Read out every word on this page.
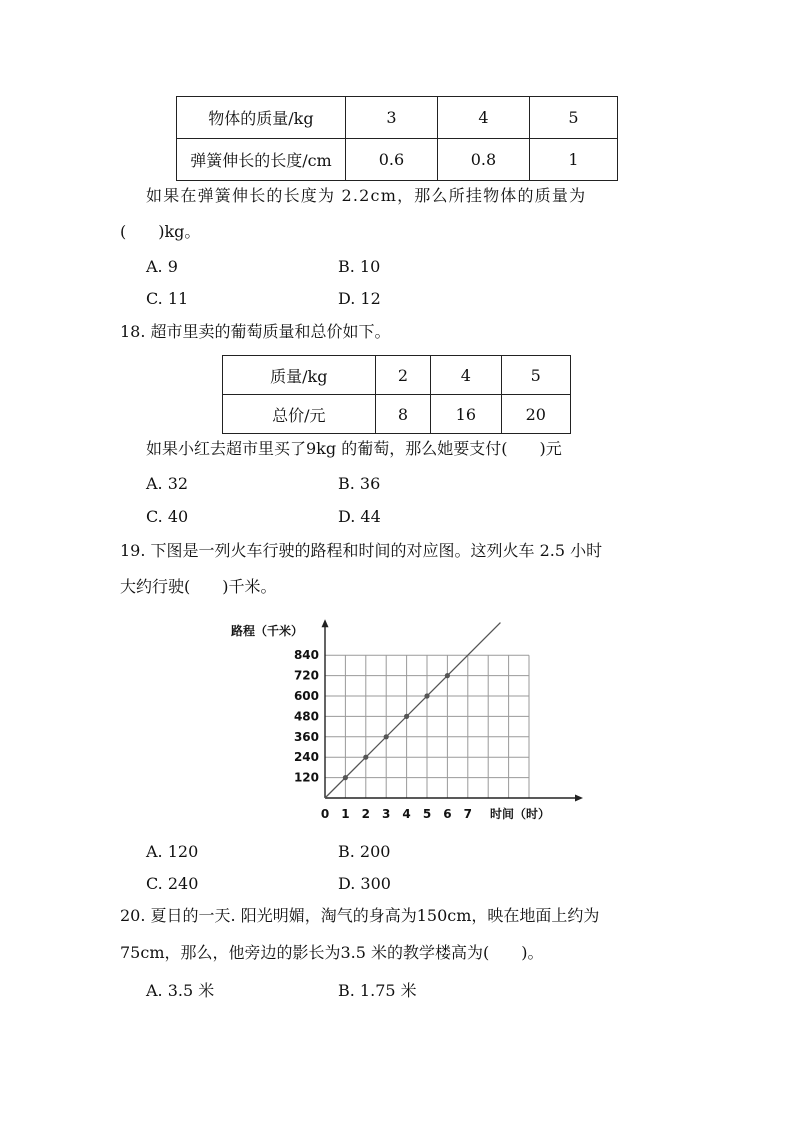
物体的质量/kg	3	4	5
弹簧伸长的长度/cm	0.6	0.8	1
如果在弹簧伸长的长度为 2.2cm，那么所挂物体的质量为
(　　)kg。
A. 9	B. 10
C. 11	D. 12
18. 超市里卖的葡萄质量和总价如下。
质量/kg	2	4	5
总价/元	8	16	20
如果小红去超市里买了9kg 的葡萄，那么她要支付(　　)元
A. 32	B. 36
C. 40	D. 44
19. 下图是一列火车行驶的路程和时间的对应图。这列火车 2.5 小时
大约行驶(　　)千米。
0 1 2 3 4 5 6 7
120
240
360
480
600
720
840
路程（千米）
时间（时）
A. 120	B. 200
C. 240	D. 300
20. 夏日的一天. 阳光明媚，淘气的身高为150cm，映在地面上约为
75cm，那么，他旁边的影长为3.5 米的教学楼高为(　　)。
A. 3.5 米	B. 1.75 米
